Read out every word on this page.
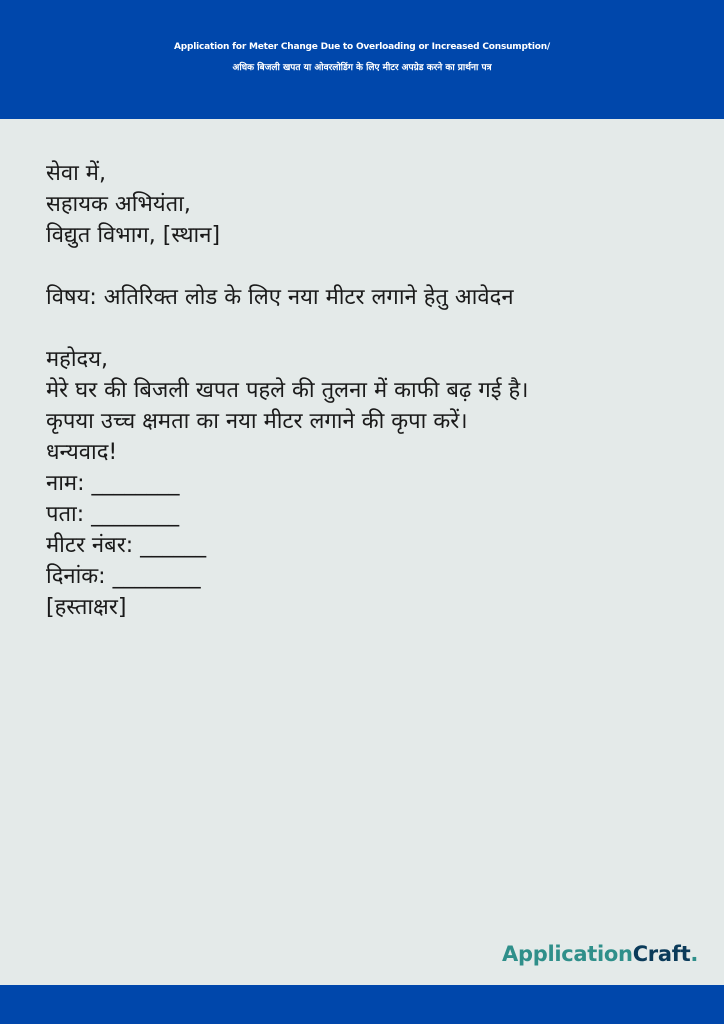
Application for Meter Change Due to Overloading or Increased Consumption/
अधिक बिजली खपत या ओवरलोडिंग के लिए मीटर अपग्रेड करने का प्रार्थना पत्र
सेवा में,
सहायक अभियंता,
विद्युत विभाग, [स्थान]
विषय: अतिरिक्त लोड के लिए नया मीटर लगाने हेतु आवेदन
महोदय,
मेरे घर की बिजली खपत पहले की तुलना में काफी बढ़ गई है।
कृपया उच्च क्षमता का नया मीटर लगाने की कृपा करें।
धन्यवाद!
नाम: ________
पता: ________
मीटर नंबर: ______
दिनांक: ________
[हस्ताक्षर]
ApplicationCraft.
